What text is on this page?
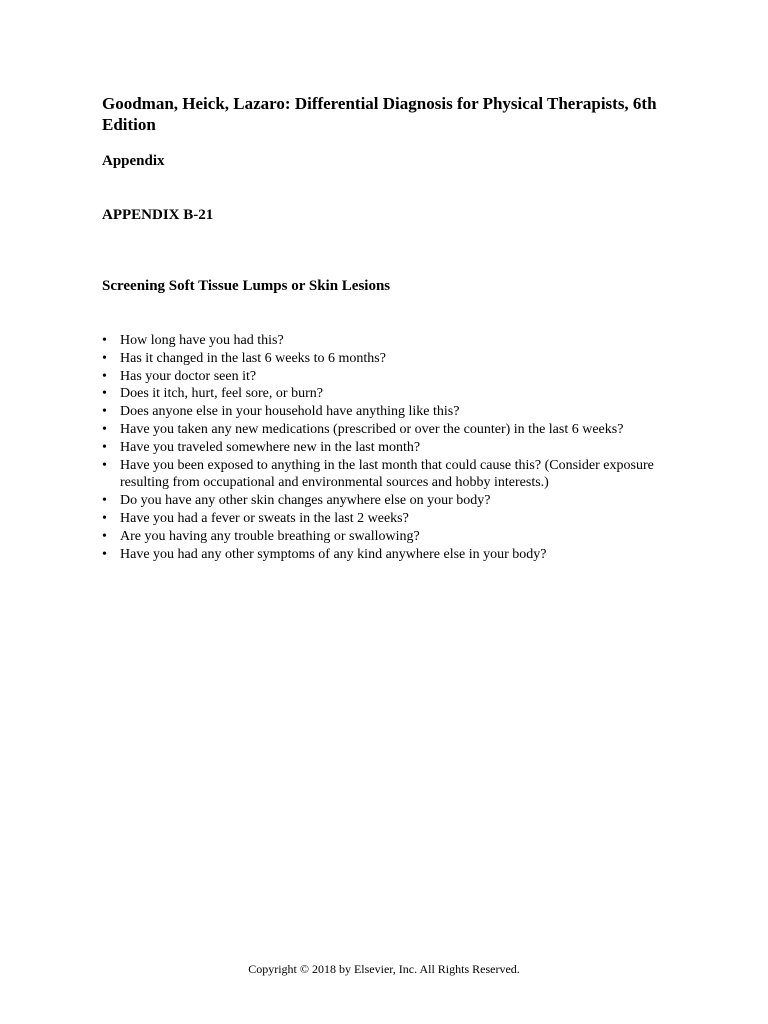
Goodman, Heick, Lazaro: Differential Diagnosis for Physical Therapists, 6th Edition
Appendix
APPENDIX B-21
Screening Soft Tissue Lumps or Skin Lesions
• How long have you had this?
• Has it changed in the last 6 weeks to 6 months?
• Has your doctor seen it?
• Does it itch, hurt, feel sore, or burn?
• Does anyone else in your household have anything like this?
• Have you taken any new medications (prescribed or over the counter) in the last 6 weeks?
• Have you traveled somewhere new in the last month?
• Have you been exposed to anything in the last month that could cause this? (Consider exposure resulting from occupational and environmental sources and hobby interests.)
• Do you have any other skin changes anywhere else on your body?
• Have you had a fever or sweats in the last 2 weeks?
• Are you having any trouble breathing or swallowing?
• Have you had any other symptoms of any kind anywhere else in your body?

Copyright © 2018 by Elsevier, Inc. All Rights Reserved.
